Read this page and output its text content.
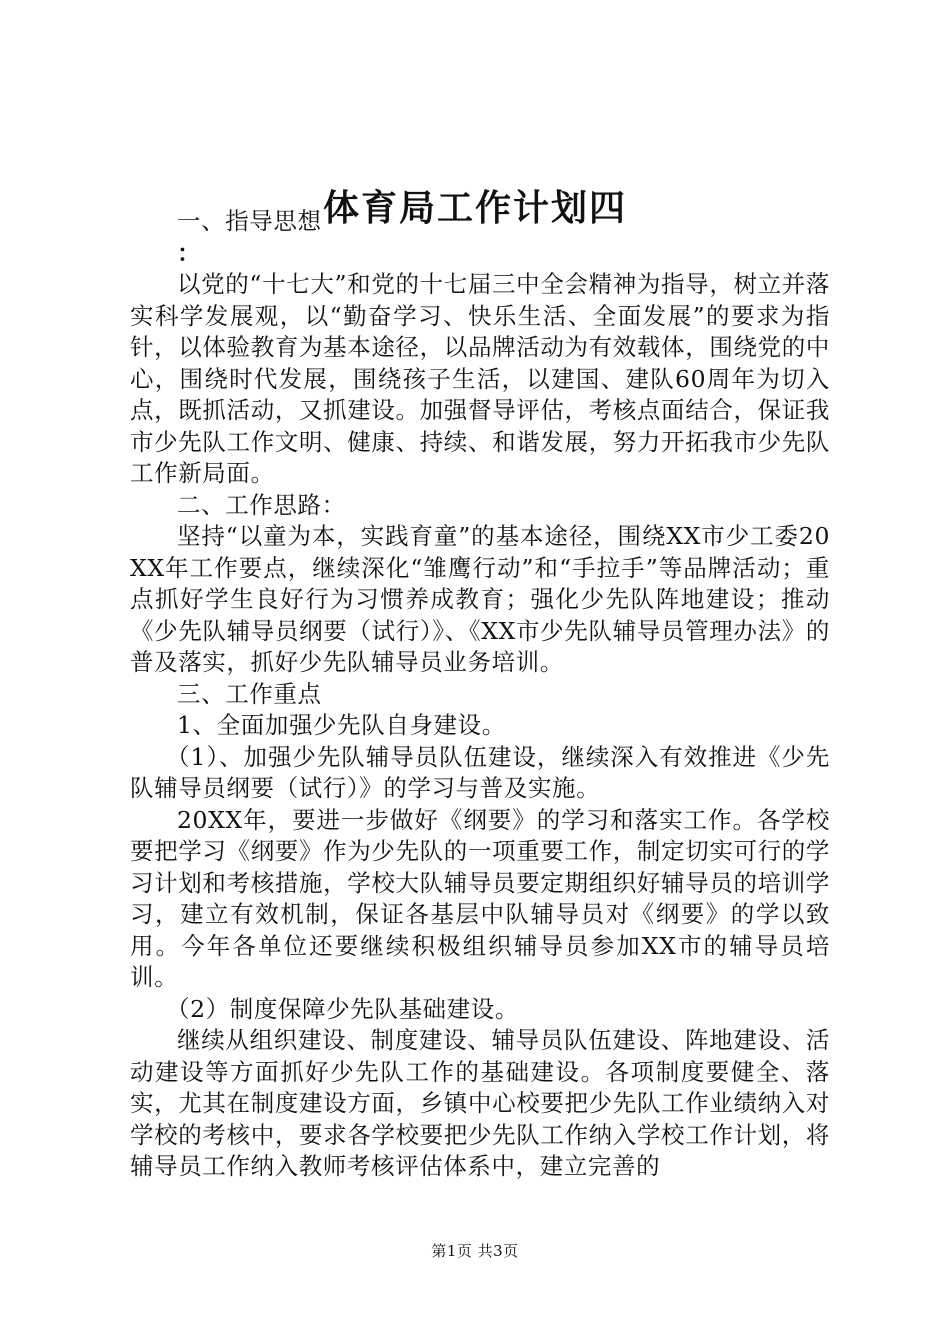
体育局工作计划四

一、指导思想

：

以党的“十七大”和党的十七届三中全会精神为指导，树立并落实科学发展观，以“勤奋学习、快乐生活、全面发展”的要求为指针，以体验教育为基本途径，以品牌活动为有效载体，围绕党的中心，围绕时代发展，围绕孩子生活，以建国、建队60周年为切入点，既抓活动，又抓建设。加强督导评估，考核点面结合，保证我市少先队工作文明、健康、持续、和谐发展，努力开拓我市少先队工作新局面。

二、工作思路：

坚持“以童为本，实践育童”的基本途径，围绕XX市少工委20XX年工作要点，继续深化“雏鹰行动”和“手拉手”等品牌活动；重点抓好学生良好行为习惯养成教育；强化少先队阵地建设；推动《少先队辅导员纲要（试行）》、《XX市少先队辅导员管理办法》的普及落实，抓好少先队辅导员业务培训。

三、工作重点

1、全面加强少先队自身建设。

（1）、加强少先队辅导员队伍建设，继续深入有效推进《少先队辅导员纲要（试行）》的学习与普及实施。

20XX年，要进一步做好《纲要》的学习和落实工作。各学校要把学习《纲要》作为少先队的一项重要工作，制定切实可行的学习计划和考核措施，学校大队辅导员要定期组织好辅导员的培训学习，建立有效机制，保证各基层中队辅导员对《纲要》的学以致用。今年各单位还要继续积极组织辅导员参加XX市的辅导员培训。

（2）制度保障少先队基础建设。

继续从组织建设、制度建设、辅导员队伍建设、阵地建设、活动建设等方面抓好少先队工作的基础建设。各项制度要健全、落实，尤其在制度建设方面，乡镇中心校要把少先队工作业绩纳入对学校的考核中，要求各学校要把少先队工作纳入学校工作计划，将辅导员工作纳入教师考核评估体系中，建立完善的

第1页 共3页
